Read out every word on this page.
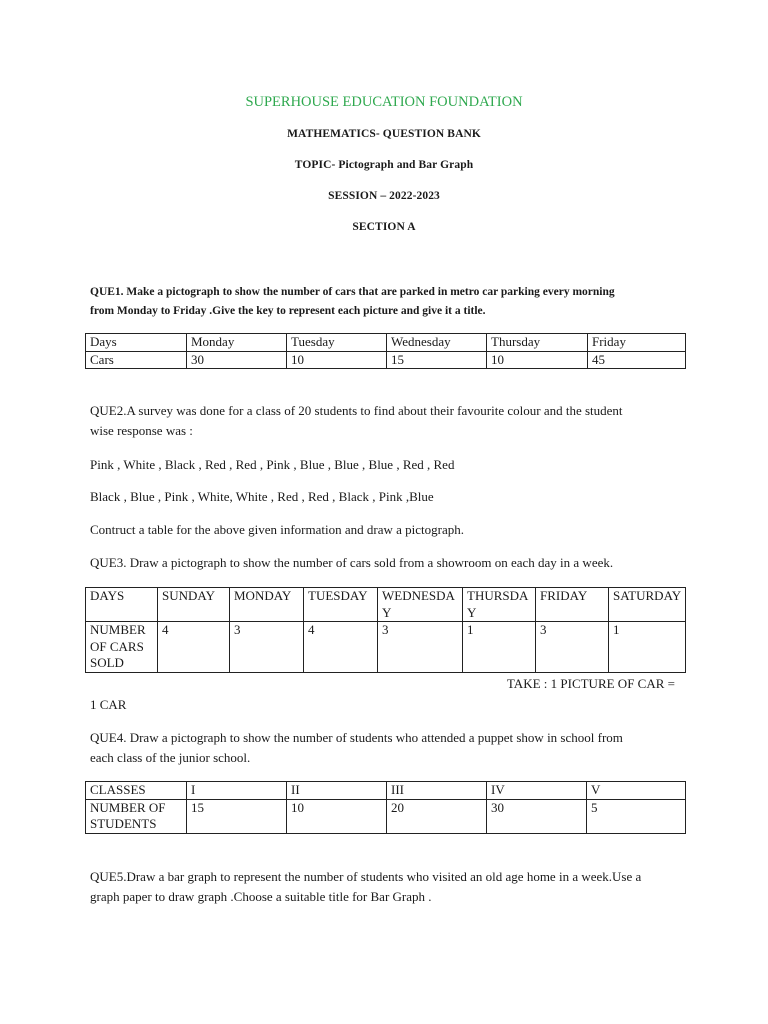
SUPERHOUSE EDUCATION FOUNDATION
MATHEMATICS- QUESTION BANK
TOPIC- Pictograph and Bar Graph
SESSION – 2022-2023
SECTION A
QUE1. Make a pictograph to show the number of cars that are parked in metro car parking every morning
from Monday to Friday .Give the key to represent each picture and give it a title.
Days	Monday	Tuesday	Wednesday	Thursday	Friday
Cars	30	10	15	10	45
QUE2.A survey was done for a class of 20 students to find about their favourite colour and the student
wise response was :
Pink , White , Black , Red , Red , Pink , Blue , Blue , Blue , Red , Red
Black , Blue , Pink , White, White , Red , Red , Black , Pink ,Blue
Contruct a table for the above given information and draw a pictograph.
QUE3. Draw a pictograph to show the number of cars sold from a showroom on each day in a week.
DAYS	SUNDAY	MONDAY	TUESDAY	WEDNESDAY	THURSDAY	FRIDAY	SATURDAY
NUMBER OF CARS SOLD	4	3	4	3	1	3	1
TAKE : 1 PICTURE OF CAR =
1 CAR
QUE4. Draw a pictograph to show the number of students who attended a puppet show in school from
each class of the junior school.
CLASSES	I	II	III	IV	V
NUMBER OF STUDENTS	15	10	20	30	5
QUE5.Draw a bar graph to represent the number of students who visited an old age home in a week.Use a
graph paper to draw graph .Choose a suitable title for Bar Graph .
